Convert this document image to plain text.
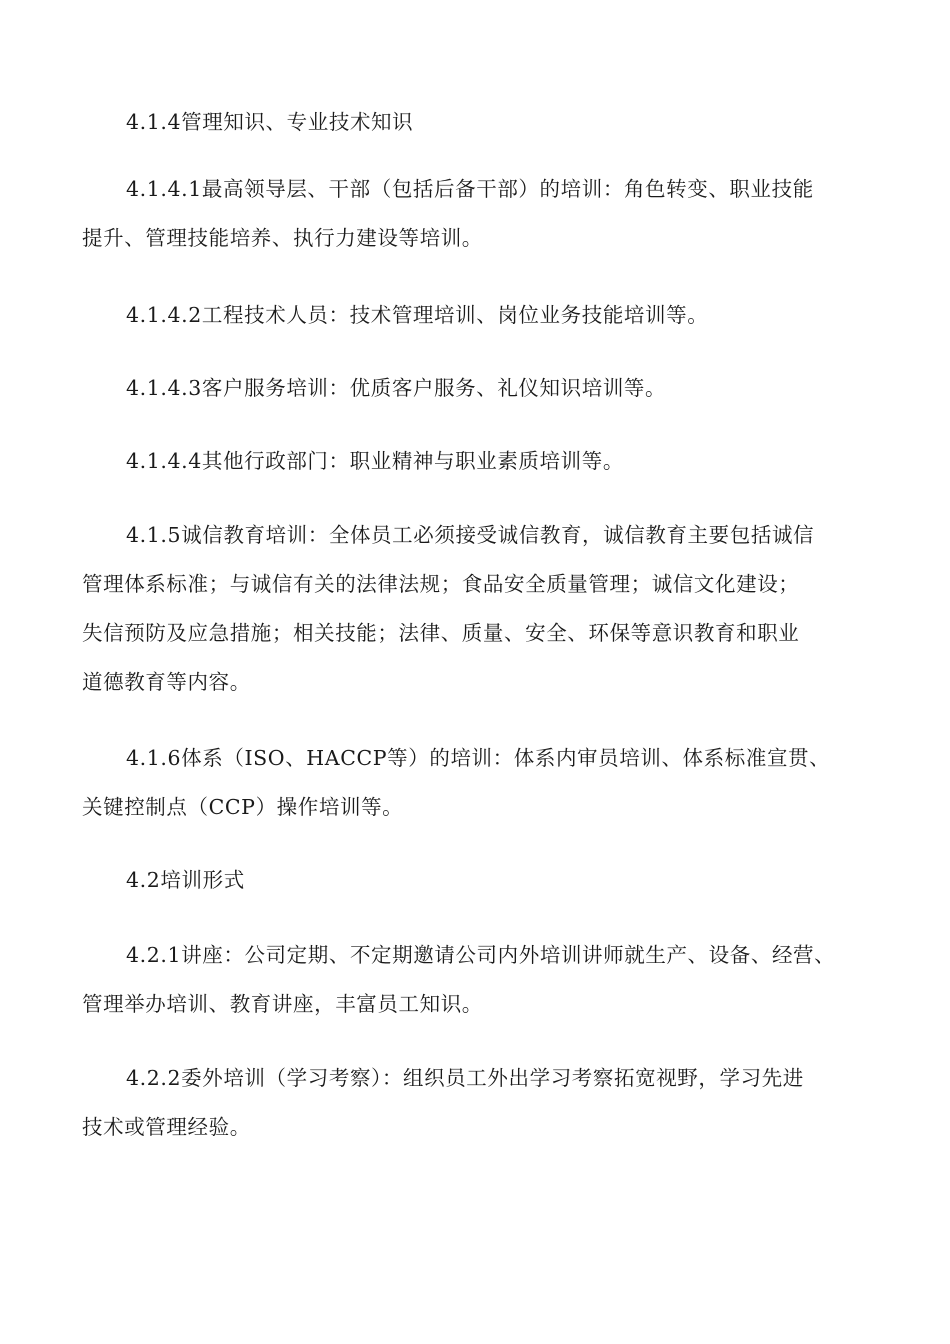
4.1.4管理知识、专业技术知识
4.1.4.1最高领导层、干部（包括后备干部）的培训：角色转变、职业技能
提升、管理技能培养、执行力建设等培训。
4.1.4.2工程技术人员：技术管理培训、岗位业务技能培训等。
4.1.4.3客户服务培训：优质客户服务、礼仪知识培训等。
4.1.4.4其他行政部门：职业精神与职业素质培训等。
4.1.5诚信教育培训：全体员工必须接受诚信教育，诚信教育主要包括诚信
管理体系标准；与诚信有关的法律法规；食品安全质量管理；诚信文化建设；
失信预防及应急措施；相关技能；法律、质量、安全、环保等意识教育和职业
道德教育等内容。
4.1.6体系（ISO、HACCP等）的培训：体系内审员培训、体系标准宣贯、
关键控制点（CCP）操作培训等。
4.2培训形式
4.2.1讲座：公司定期、不定期邀请公司内外培训讲师就生产、设备、经营、
管理举办培训、教育讲座，丰富员工知识。
4.2.2委外培训（学习考察）：组织员工外出学习考察拓宽视野，学习先进
技术或管理经验。
